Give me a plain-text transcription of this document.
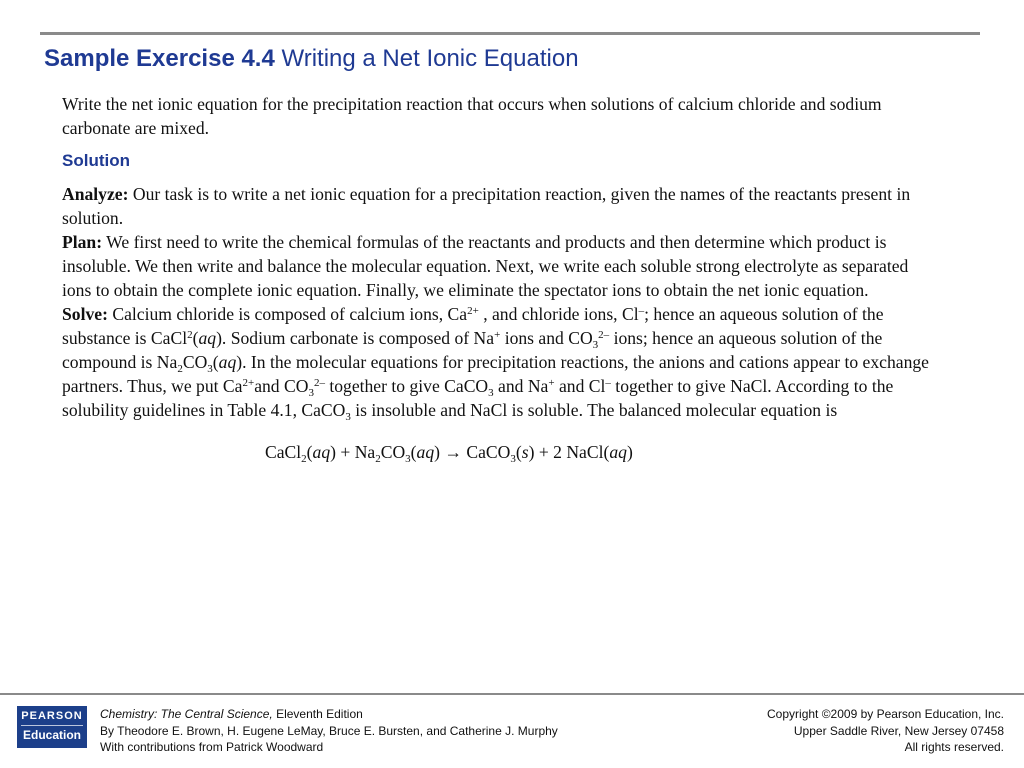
Sample Exercise 4.4 Writing a Net Ionic Equation

Write the net ionic equation for the precipitation reaction that occurs when solutions of calcium chloride and sodium carbonate are mixed.

Solution

Analyze: Our task is to write a net ionic equation for a precipitation reaction, given the names of the reactants present in solution.

Plan: We first need to write the chemical formulas of the reactants and products and then determine which product is insoluble. We then write and balance the molecular equation. Next, we write each soluble strong electrolyte as separated ions to obtain the complete ionic equation. Finally, we eliminate the spectator ions to obtain the net ionic equation.

Solve: Calcium chloride is composed of calcium ions, $Ca^{2+}$ , and chloride ions, Cl–; hence an aqueous solution of the substance is CaCl$^2$(aq). Sodium carbonate is composed of Na+ ions and $CO_3^{2-}$ ions; hence an aqueous solution of the compound is $Na_2CO_3(aq)$. In the molecular equations for precipitation reactions, the anions and cations appear to exchange partners. Thus, we put $Ca^{2+}and$ $CO_3^{2-}$ together to give CaCO$_3$ and Na+ and Cl– together to give NaCl. According to the solubility guidelines in Table 4.1, CaCO$_3$ is insoluble and NaCl is soluble. The balanced molecular equation is

CaCl$_2$(aq) + $Na_2CO_3(aq)$ → CaCO$_3$(s) + 2 NaCl(aq)

PEARSON
Education
Chemistry: The Central Science, Eleventh Edition
By Theodore E. Brown, H. Eugene LeMay, Bruce E. Bursten, and Catherine J. Murphy
With contributions from Patrick Woodward
Copyright ©2009 by Pearson Education, Inc.
Upper Saddle River, New Jersey 07458
All rights reserved.
